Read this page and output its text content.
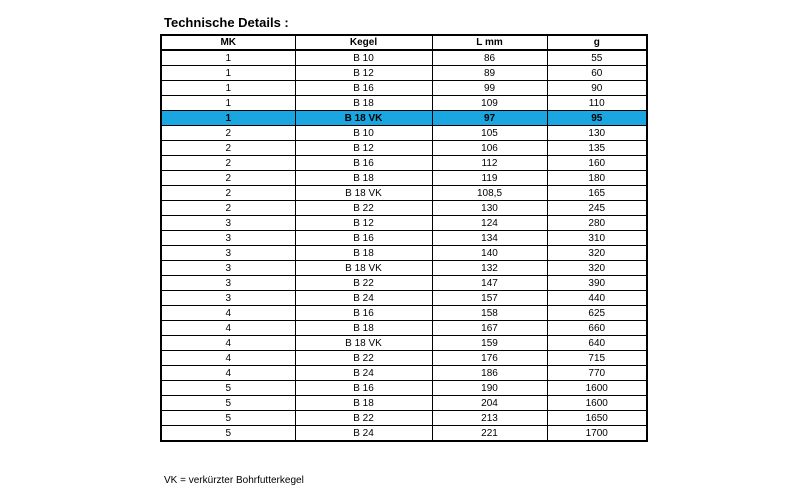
Technische Details :
MK	Kegel	L mm	g
1	B 10	86	55
1	B 12	89	60
1	B 16	99	90
1	B 18	109	110
1	B 18 VK	97	95
2	B 10	105	130
2	B 12	106	135
2	B 16	112	160
2	B 18	119	180
2	B 18 VK	108,5	165
2	B 22	130	245
3	B 12	124	280
3	B 16	134	310
3	B 18	140	320
3	B 18 VK	132	320
3	B 22	147	390
3	B 24	157	440
4	B 16	158	625
4	B 18	167	660
4	B 18 VK	159	640
4	B 22	176	715
4	B 24	186	770
5	B 16	190	1600
5	B 18	204	1600
5	B 22	213	1650
5	B 24	221	1700
VK = verkürzter Bohrfutterkegel
